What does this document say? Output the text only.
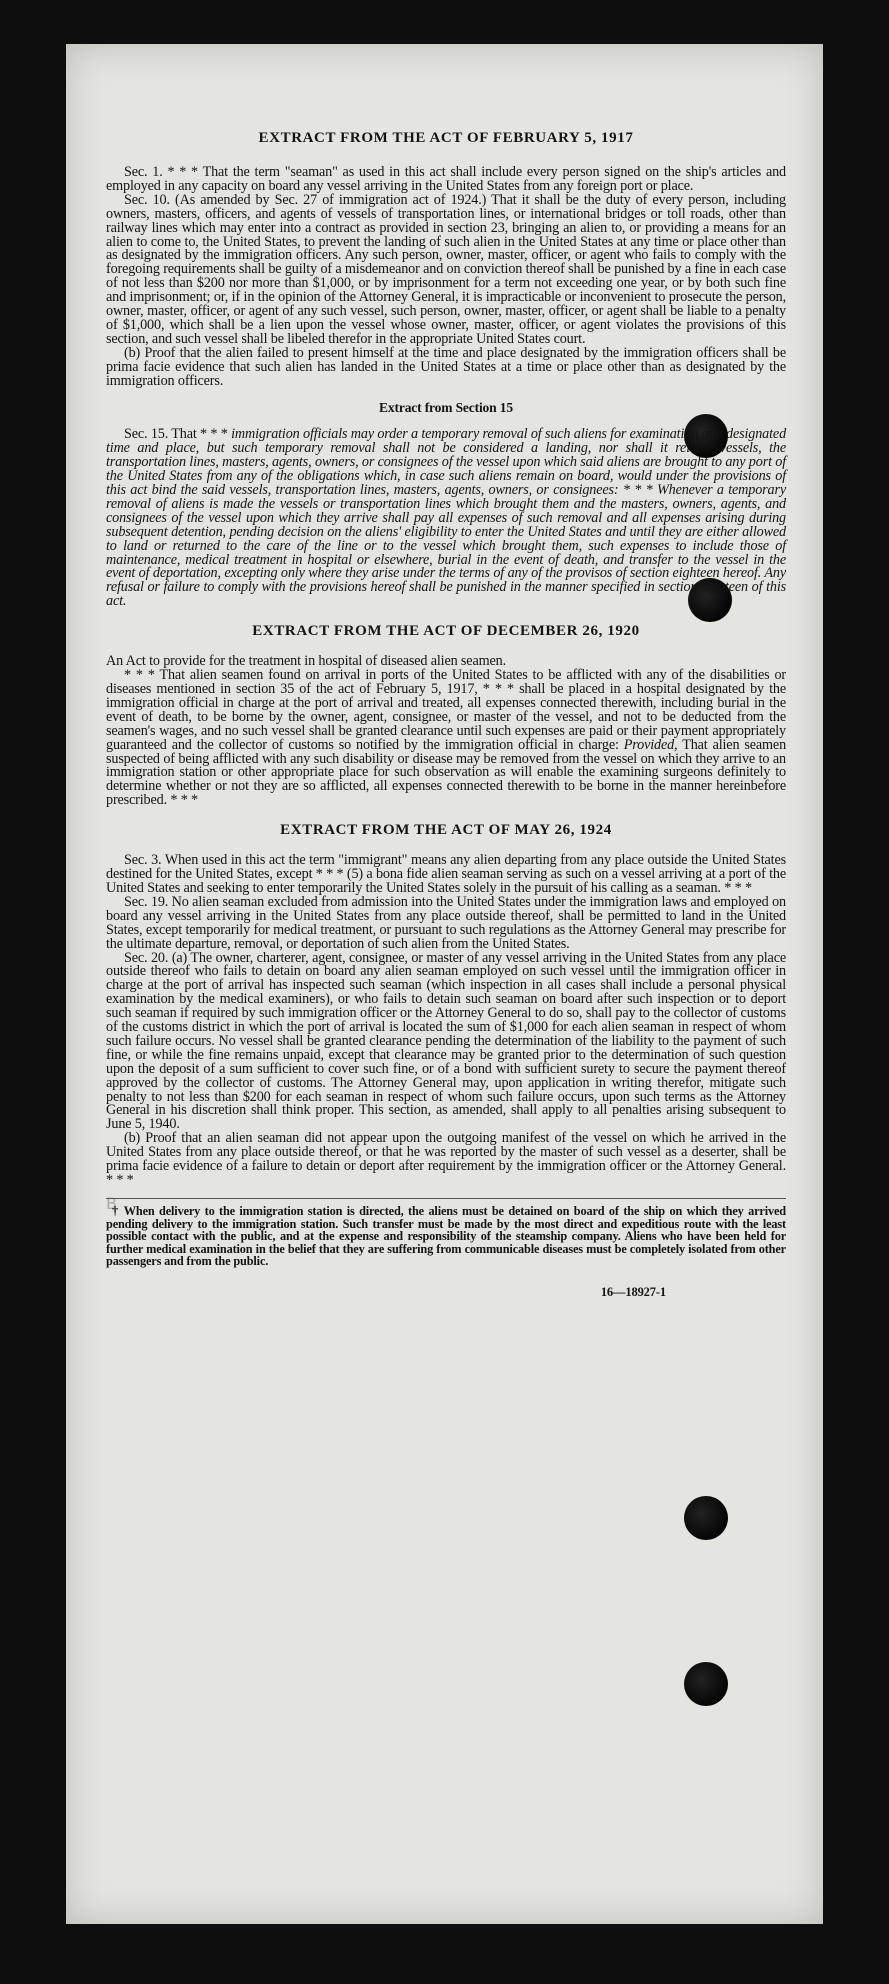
B
EXTRACT FROM THE ACT OF FEBRUARY 5, 1917

Sec. 1. * * * That the term "seaman" as used in this act shall include every person signed on the ship's articles and employed in any capacity on board any vessel arriving in the United States from any foreign port or place.

Sec. 10. (As amended by Sec. 27 of immigration act of 1924.) That it shall be the duty of every person, including owners, masters, officers, and agents of vessels of transportation lines, or international bridges or toll roads, other than railway lines which may enter into a contract as provided in section 23, bringing an alien to, or providing a means for an alien to come to, the United States, to prevent the landing of such alien in the United States at any time or place other than as designated by the immigration officers. Any such person, owner, master, officer, or agent who fails to comply with the foregoing requirements shall be guilty of a misdemeanor and on conviction thereof shall be punished by a fine in each case of not less than $200 nor more than $1,000, or by imprisonment for a term not exceeding one year, or by both such fine and imprisonment; or, if in the opinion of the Attorney General, it is impracticable or inconvenient to prosecute the person, owner, master, officer, or agent of any such vessel, such person, owner, master, officer, or agent shall be liable to a penalty of $1,000, which shall be a lien upon the vessel whose owner, master, officer, or agent violates the provisions of this section, and such vessel shall be libeled therefor in the appropriate United States court.

(b) Proof that the alien failed to present himself at the time and place designated by the immigration officers shall be prima facie evidence that such alien has landed in the United States at a time or place other than as designated by the immigration officers.

Extract from Section 15

Sec. 15. That * * * immigration officials may order a temporary removal of such aliens for examination at a designated time and place, but such temporary removal shall not be considered a landing, nor shall it relieve vessels, the transportation lines, masters, agents, owners, or consignees of the vessel upon which said aliens are brought to any port of the United States from any of the obligations which, in case such aliens remain on board, would under the provisions of this act bind the said vessels, transportation lines, masters, agents, owners, or consignees: * * * Whenever a temporary removal of aliens is made the vessels or transportation lines which brought them and the masters, owners, agents, and consignees of the vessel upon which they arrive shall pay all expenses of such removal and all expenses arising during subsequent detention, pending decision on the aliens' eligibility to enter the United States and until they are either allowed to land or returned to the care of the line or to the vessel which brought them, such expenses to include those of maintenance, medical treatment in hospital or elsewhere, burial in the event of death, and transfer to the vessel in the event of deportation, excepting only where they arise under the terms of any of the provisos of section eighteen hereof. Any refusal or failure to comply with the provisions hereof shall be punished in the manner specified in section eighteen of this act.

EXTRACT FROM THE ACT OF DECEMBER 26, 1920

An Act to provide for the treatment in hospital of diseased alien seamen.

* * * That alien seamen found on arrival in ports of the United States to be afflicted with any of the disabilities or diseases mentioned in section 35 of the act of February 5, 1917, * * * shall be placed in a hospital designated by the immigration official in charge at the port of arrival and treated, all expenses connected therewith, including burial in the event of death, to be borne by the owner, agent, consignee, or master of the vessel, and not to be deducted from the seamen's wages, and no such vessel shall be granted clearance until such expenses are paid or their payment appropriately guaranteed and the collector of customs so notified by the immigration official in charge: Provided, That alien seamen suspected of being afflicted with any such disability or disease may be removed from the vessel on which they arrive to an immigration station or other appropriate place for such observation as will enable the examining surgeons definitely to determine whether or not they are so afflicted, all expenses connected therewith to be borne in the manner hereinbefore prescribed. * * *

EXTRACT FROM THE ACT OF MAY 26, 1924

Sec. 3. When used in this act the term "immigrant" means any alien departing from any place outside the United States destined for the United States, except * * * (5) a bona fide alien seaman serving as such on a vessel arriving at a port of the United States and seeking to enter temporarily the United States solely in the pursuit of his calling as a seaman. * * *

Sec. 19. No alien seaman excluded from admission into the United States under the immigration laws and employed on board any vessel arriving in the United States from any place outside thereof, shall be permitted to land in the United States, except temporarily for medical treatment, or pursuant to such regulations as the Attorney General may prescribe for the ultimate departure, removal, or deportation of such alien from the United States.

Sec. 20. (a) The owner, charterer, agent, consignee, or master of any vessel arriving in the United States from any place outside thereof who fails to detain on board any alien seaman employed on such vessel until the immigration officer in charge at the port of arrival has inspected such seaman (which inspection in all cases shall include a personal physical examination by the medical examiners), or who fails to detain such seaman on board after such inspection or to deport such seaman if required by such immigration officer or the Attorney General to do so, shall pay to the collector of customs of the customs district in which the port of arrival is located the sum of $1,000 for each alien seaman in respect of whom such failure occurs. No vessel shall be granted clearance pending the determination of the liability to the payment of such fine, or while the fine remains unpaid, except that clearance may be granted prior to the determination of such question upon the deposit of a sum sufficient to cover such fine, or of a bond with sufficient surety to secure the payment thereof approved by the collector of customs. The Attorney General may, upon application in writing therefor, mitigate such penalty to not less than $200 for each seaman in respect of whom such failure occurs, upon such terms as the Attorney General in his discretion shall think proper. This section, as amended, shall apply to all penalties arising subsequent to June 5, 1940.

(b) Proof that an alien seaman did not appear upon the outgoing manifest of the vessel on which he arrived in the United States from any place outside thereof, or that he was reported by the master of such vessel as a deserter, shall be prima facie evidence of a failure to detain or deport after requirement by the immigration officer or the Attorney General. * * *

† When delivery to the immigration station is directed, the aliens must be detained on board of the ship on which they arrived pending delivery to the immigration station. Such transfer must be made by the most direct and expeditious route with the least possible contact with the public, and at the expense and responsibility of the steamship company. Aliens who have been held for further medical examination in the belief that they are suffering from communicable diseases must be completely isolated from other passengers and from the public.

16—18927-1
